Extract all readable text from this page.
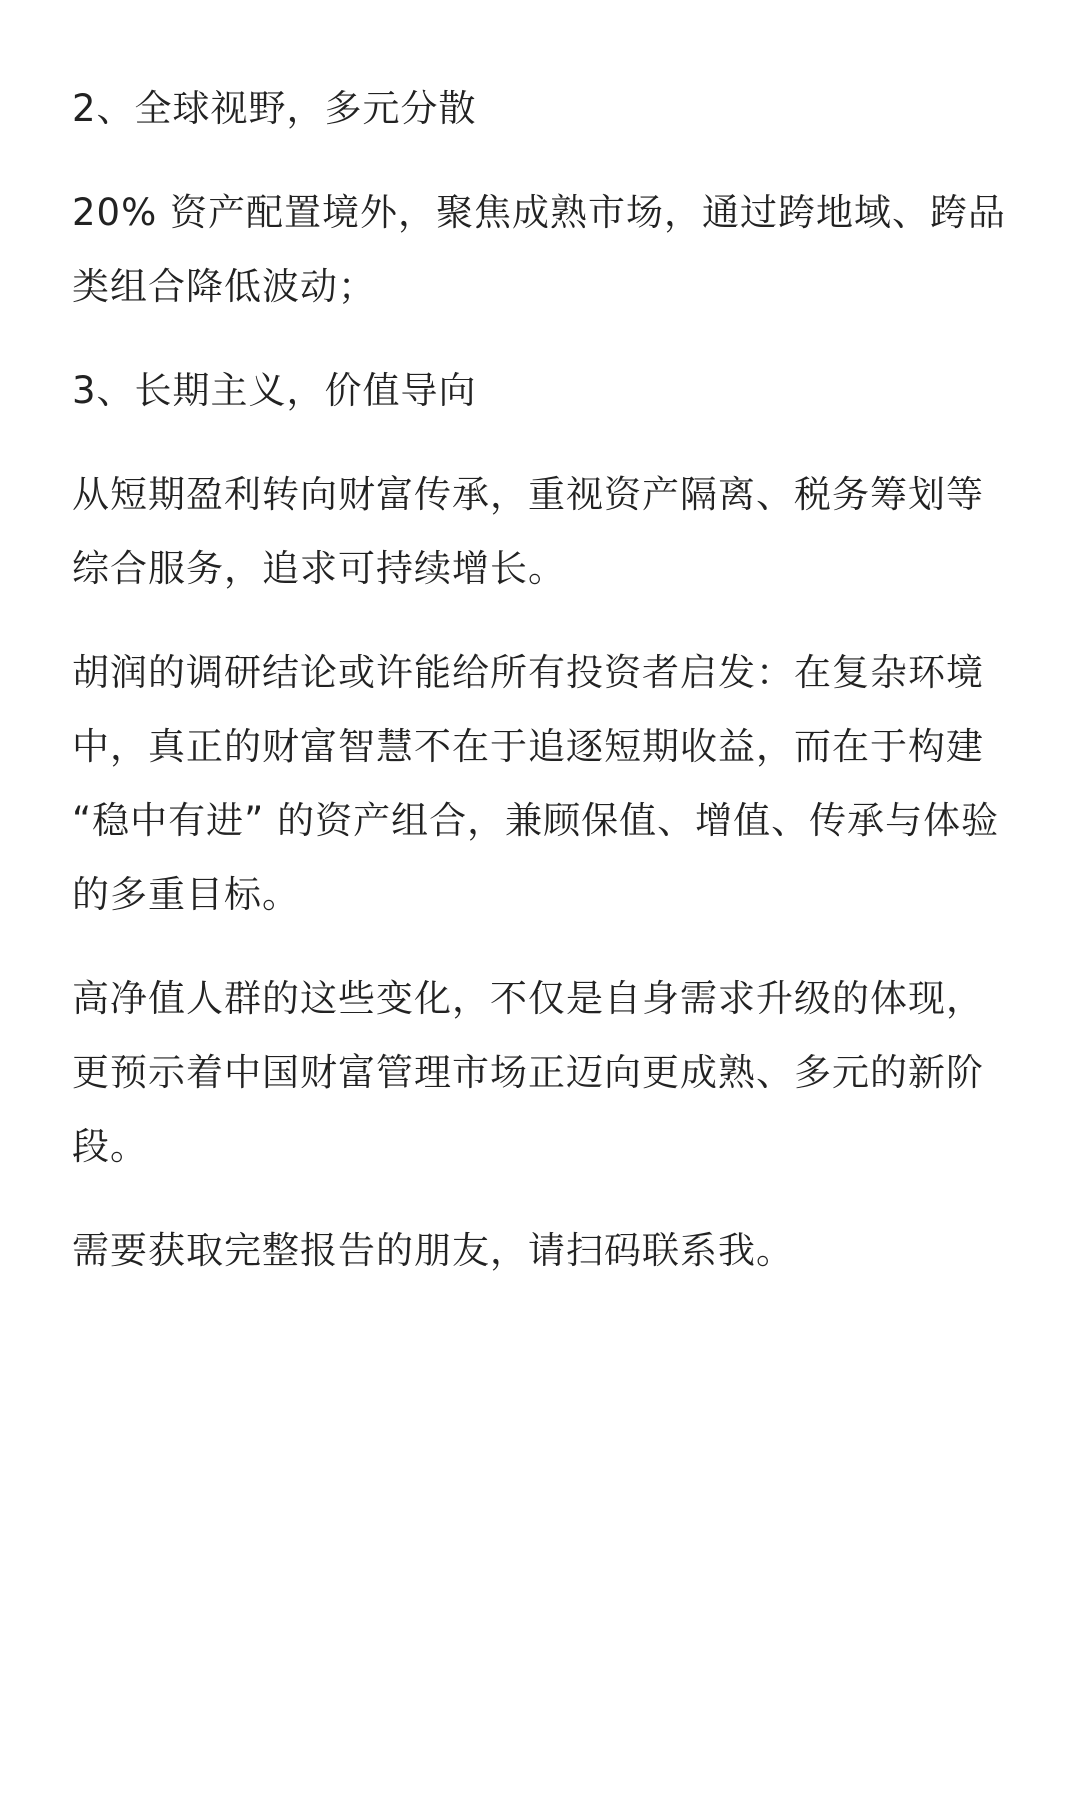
2、全球视野，多元分散

20% 资产配置境外，聚焦成熟市场，通过跨地域、跨品类组合降低波动；

3、长期主义，价值导向

从短期盈利转向财富传承，重视资产隔离、税务筹划等综合服务，追求可持续增长。

胡润的调研结论或许能给所有投资者启发：在复杂环境中，真正的财富智慧不在于追逐短期收益，而在于构建 “稳中有进” 的资产组合，兼顾保值、增值、传承与体验的多重目标。

高净值人群的这些变化，不仅是自身需求升级的体现，更预示着中国财富管理市场正迈向更成熟、多元的新阶段。

需要获取完整报告的朋友，请扫码联系我。
